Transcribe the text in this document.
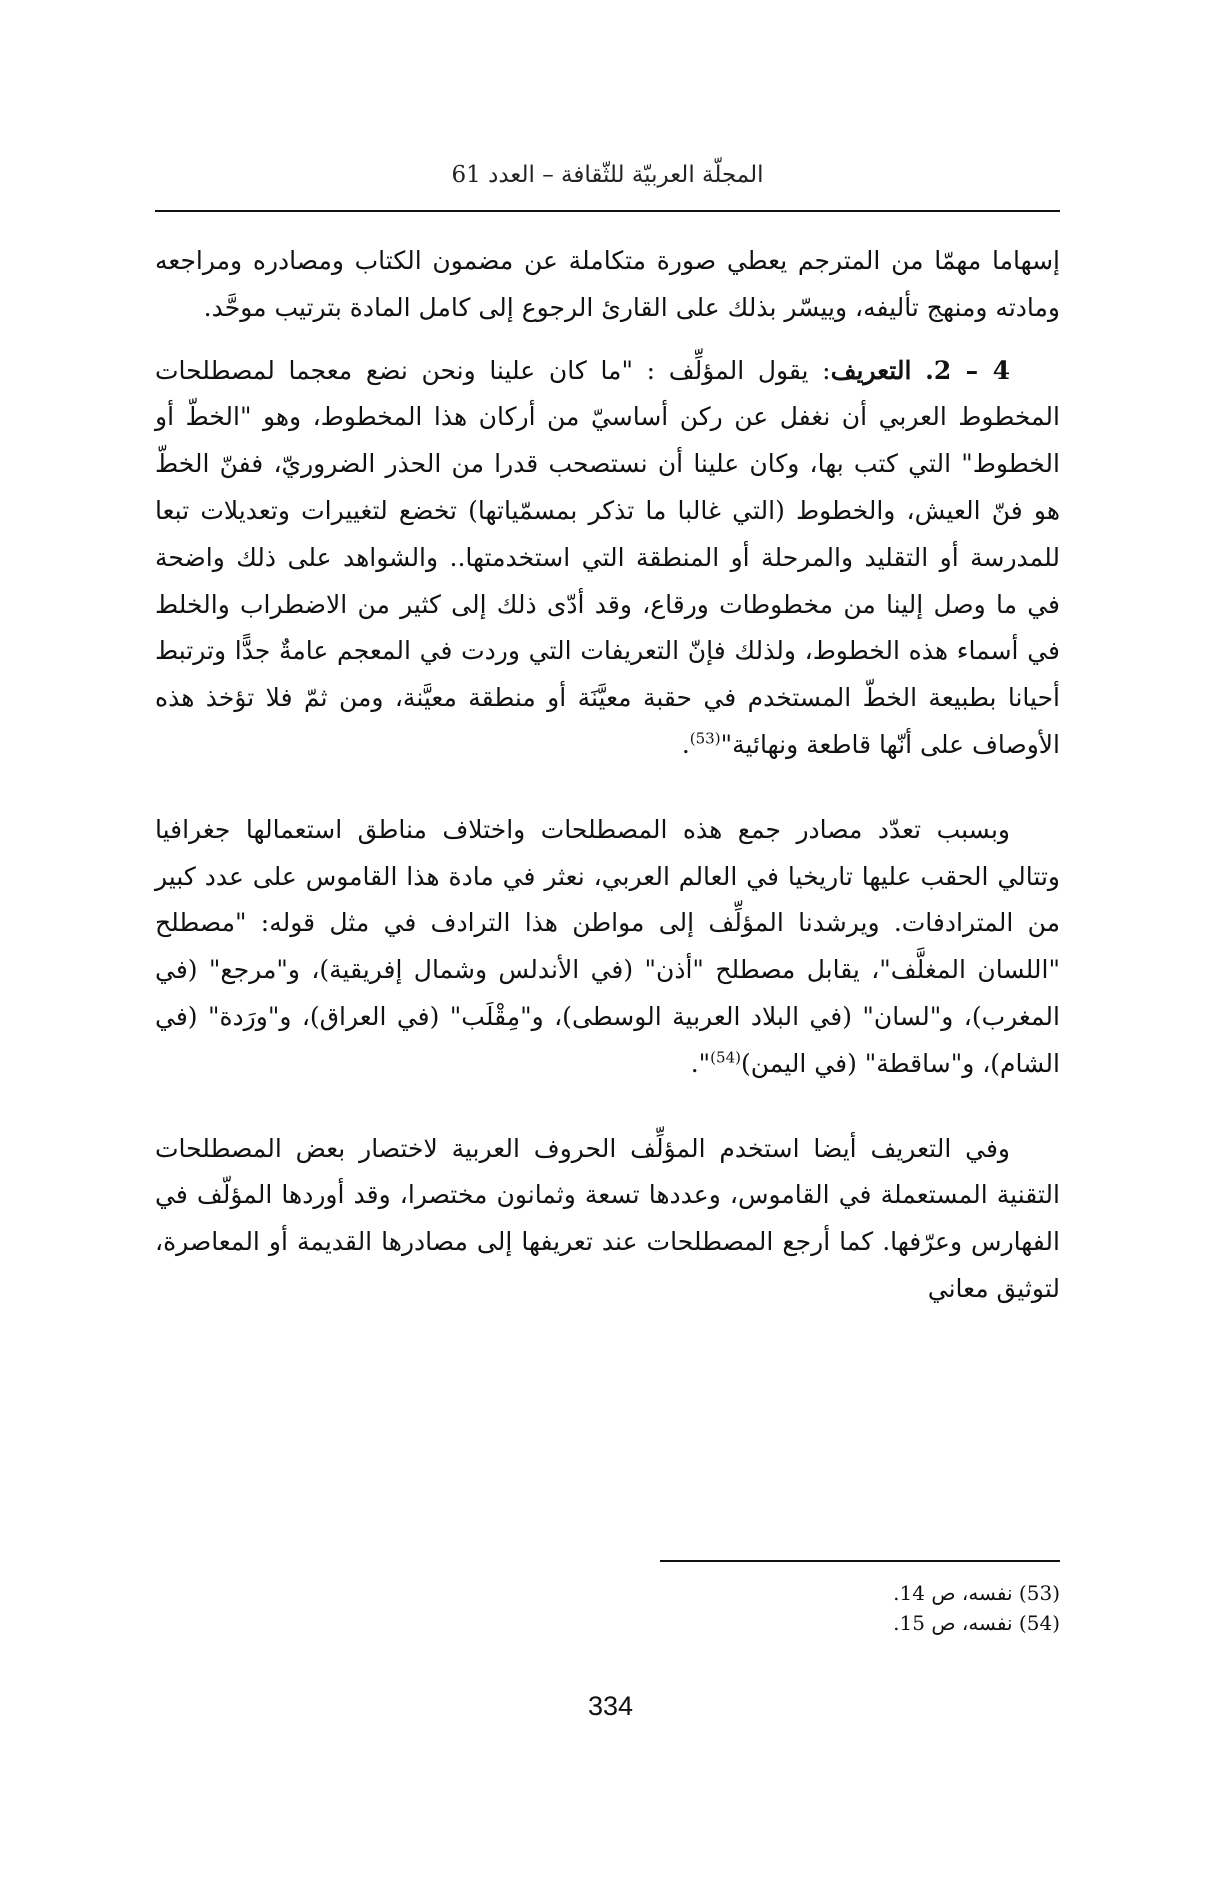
المجلّة العربيّة للثّقافة – العدد 61

إسهاما مهمّا من المترجم يعطي صورة متكاملة عن مضمون الكتاب ومصادره ومراجعه ومادته ومنهج تأليفه، وييسّر بذلك على القارئ الرجوع إلى كامل المادة بترتيب موحَّد.

4 – 2. التعريف: يقول المؤلِّف : "ما كان علينا ونحن نضع معجما لمصطلحات المخطوط العربي أن نغفل عن ركن أساسيّ من أركان هذا المخطوط، وهو "الخطّ أو الخطوط" التي كتب بها، وكان علينا أن نستصحب قدرا من الحذر الضروريّ، ففنّ الخطّ هو فنّ العيش، والخطوط (التي غالبا ما تذكر بمسمّياتها) تخضع لتغييرات وتعديلات تبعا للمدرسة أو التقليد والمرحلة أو المنطقة التي استخدمتها.. والشواهد على ذلك واضحة في ما وصل إلينا من مخطوطات ورقاع، وقد أدّى ذلك إلى كثير من الاضطراب والخلط في أسماء هذه الخطوط، ولذلك فإنّ التعريفات التي وردت في المعجم عامةٌ جدًّا وترتبط أحيانا بطبيعة الخطّ المستخدم في حقبة معيَّنَة أو منطقة معيَّنة، ومن ثمّ فلا تؤخذ هذه الأوصاف على أنّها قاطعة ونهائية"$^{(53)}$.

وبسبب تعدّد مصادر جمع هذه المصطلحات واختلاف مناطق استعمالها جغرافيا وتتالي الحقب عليها تاريخيا في العالم العربي، نعثر في مادة هذا القاموس على عدد كبير من المترادفات. ويرشدنا المؤلِّف إلى مواطن هذا الترادف في مثل قوله: "مصطلح "اللسان المغلَّف"، يقابل مصطلح "أذن" (في الأندلس وشمال إفريقية)، و"مرجع" (في المغرب)، و"لسان" (في البلاد العربية الوسطى)، و"مِقْلَب" (في العراق)، و"ورَدة" (في الشام)، و"ساقطة" (في اليمن)$^{(54)}$".

وفي التعريف أيضا استخدم المؤلِّف الحروف العربية لاختصار بعض المصطلحات التقنية المستعملة في القاموس، وعددها تسعة وثمانون مختصرا، وقد أوردها المؤلّف في الفهارس وعرّفها. كما أرجع المصطلحات عند تعريفها إلى مصادرها القديمة أو المعاصرة، لتوثيق معاني

(53) نفسه، ص 14.

(54) نفسه، ص 15.

334
